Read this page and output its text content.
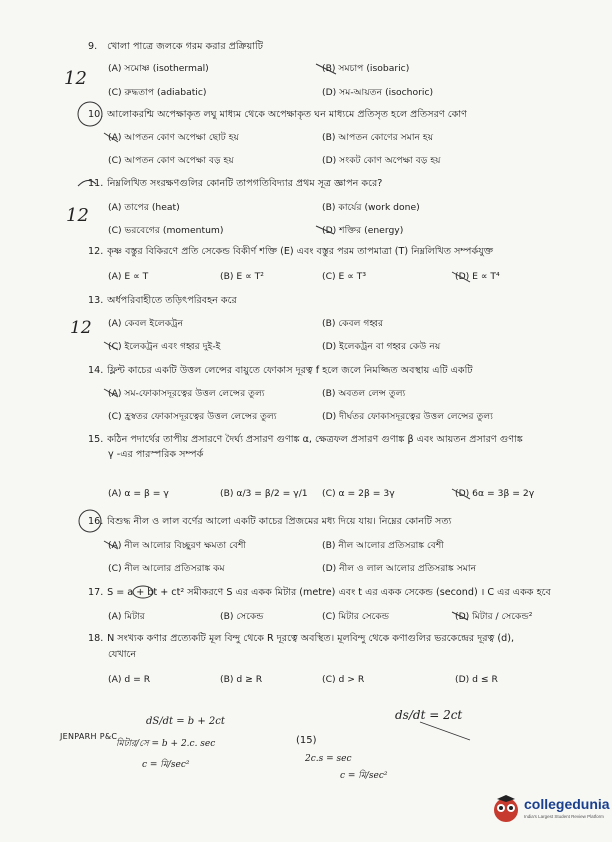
9. খোলা পাত্রে জলকে গরম করার প্রক্রিয়াটি
(A) সমোষ্ণ (isothermal)	(B) সমচাপ (isobaric)
(C) রুদ্ধতাপ (adiabatic)	(D) সম-আয়তন (isochoric)
10. আলোকরশ্মি অপেক্ষাকৃত লঘু মাধ্যম থেকে অপেক্ষাকৃত ঘন মাধ্যমে প্রতিসৃত হলে প্রতিসরণ কোণ
(A) আপতন কোণ অপেক্ষা ছোট হয়	(B) আপতন কোণের সমান হয়
(C) আপতন কোণ অপেক্ষা বড় হয়	(D) সংকট কোণ অপেক্ষা বড় হয়
11. নিম্নলিখিত সংরক্ষণগুলির কোনটি তাপগতিবিদ্যার প্রথম সূত্র জ্ঞাপন করে?
(A) তাপের (heat)	(B) কার্যের (work done)
(C) ভরবেগের (momentum)	(D) শক্তির (energy)
12. কৃষ্ণ বস্তুর বিকিরণে প্রতি সেকেন্ড বিকীর্ণ শক্তি (E) এবং বস্তুর পরম তাপমাত্রা (T) নিম্নলিখিত সম্পর্কযুক্ত
(A) E ∝ T	(B) E ∝ T²	(C) E ∝ T³	(D) E ∝ T⁴
13. অর্ধপরিবাহীতে তড়িৎপরিবহন করে
(A) কেবল ইলেকট্রন	(B) কেবল গহ্বর
(C) ইলেকট্রন এবং গহ্বর দুই-ই	(D) ইলেকট্রন বা গহ্বর কেউ নয়
14. ফ্লিন্ট কাচের একটি উত্তল লেন্সের বায়ুতে ফোকাস দূরত্ব f হলে জলে নিমজ্জিত অবস্থায় এটি একটি
(A) সম-ফোকাসদূরত্বের উত্তল লেন্সের তুল্য	(B) অবতল লেন্স তুল্য
(C) হ্রস্বতর ফোকাসদূরত্বের উত্তল লেন্সের তুল্য	(D) দীর্ঘতর ফোকাসদূরত্বের উত্তল লেন্সের তুল্য
15. কঠিন পদার্থের তাপীয় প্রসারণে দৈর্ঘ্য প্রসারণ গুণাঙ্ক α, ক্ষেত্রফল প্রসারণ গুণাঙ্ক β এবং আয়তন প্রসারণ গুণাঙ্ক
γ -এর পারস্পরিক সম্পর্ক
(A) α = β = γ	(B) α/3 = β/2 = γ/1 (C) α = 2β = 3γ	(D) 6α = 3β = 2γ
16. বিশুদ্ধ নীল ও লাল বর্ণের আলো একটি কাচের প্রিজমের মধ্য দিয়ে যায়। নিম্নের কোনটি সত্য
(A) নীল আলোর বিচ্ছুরণ ক্ষমতা বেশী	(B) নীল আলোর প্রতিসরাঙ্ক বেশী
(C) নীল আলোর প্রতিসরাঙ্ক কম	(D) নীল ও লাল আলোর প্রতিসরাঙ্ক সমান
17. S = a + bt + ct² সমীকরণে S এর একক মিটার (metre) এবং t এর একক সেকেন্ড (second) । C এর একক হবে
(A) মিটার	(B) সেকেন্ড	(C) মিটার সেকেন্ড	(D) মিটার / সেকেন্ড²
18. N সংখ্যক কণার প্রত্যেকটি মূল বিন্দু থেকে R দূরত্বে অবস্থিত। মূলবিন্দু থেকে কণাগুলির ভরকেন্দ্রের দূরত্ব (d),
যেখানে
(A) d = R	(B) d ≥ R	(C) d > R	(D) d ≤ R
12
12
12
dS/dt = b + 2ct
মিটার/সে = b + 2.c. sec
c = মি/sec²
ds/dt = 2ct
2c.s = sec
c = মি/sec²
JENPARH P&C	(15)
collegedunia
India's Largest Student Review Platform
